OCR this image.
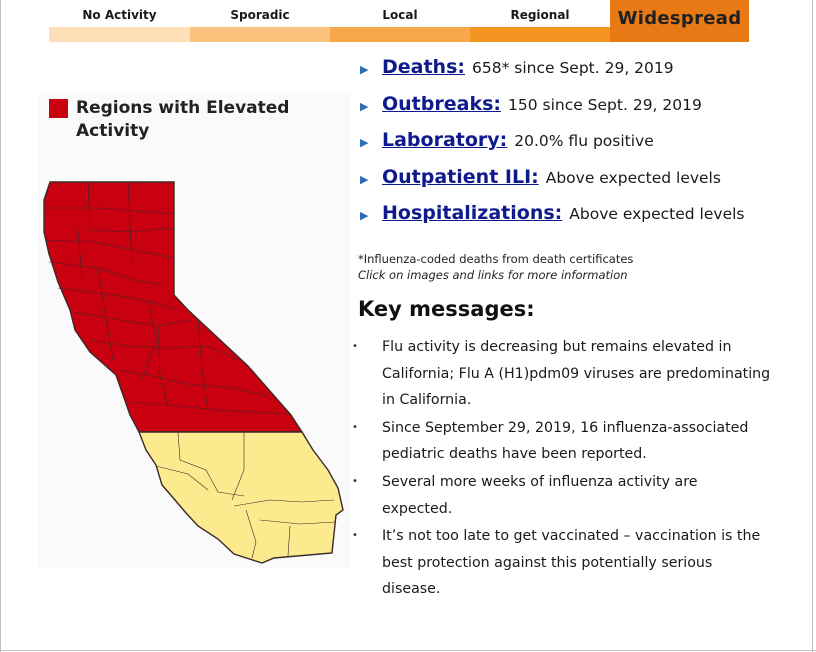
No Activity	Sporadic	Local	Regional	Widespread
Regions with Elevated Activity
▶ Deaths: 658* since Sept. 29, 2019
▶ Outbreaks: 150 since Sept. 29, 2019
▶ Laboratory: 20.0% flu positive
▶ Outpatient ILI: Above expected levels
▶ Hospitalizations: Above expected levels
*Influenza-coded deaths from death certificates
Click on images and links for more information
Key messages:
• Flu activity is decreasing but remains elevated in California; Flu A (H1)pdm09 viruses are predominating in California.
• Since September 29, 2019, 16 influenza-associated pediatric deaths have been reported.
• Several more weeks of influenza activity are expected.
• It’s not too late to get vaccinated – vaccination is the best protection against this potentially serious disease.
